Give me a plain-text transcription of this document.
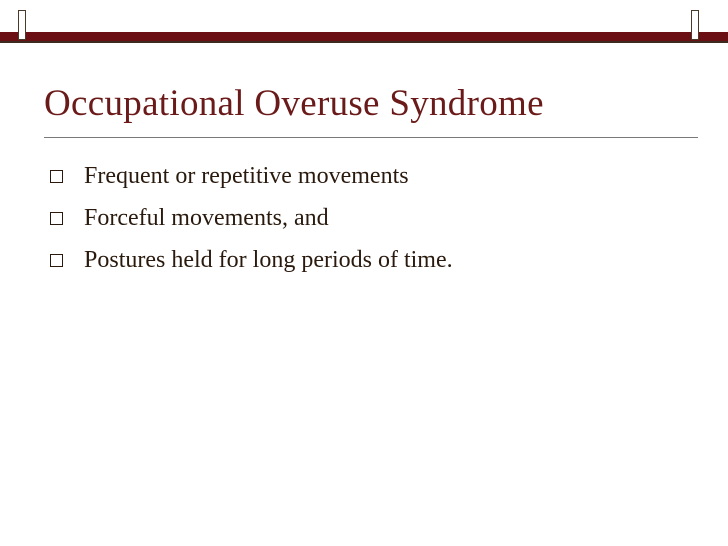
Occupational Overuse Syndrome
Frequent or repetitive movements
Forceful movements, and
Postures held for long periods of time.
